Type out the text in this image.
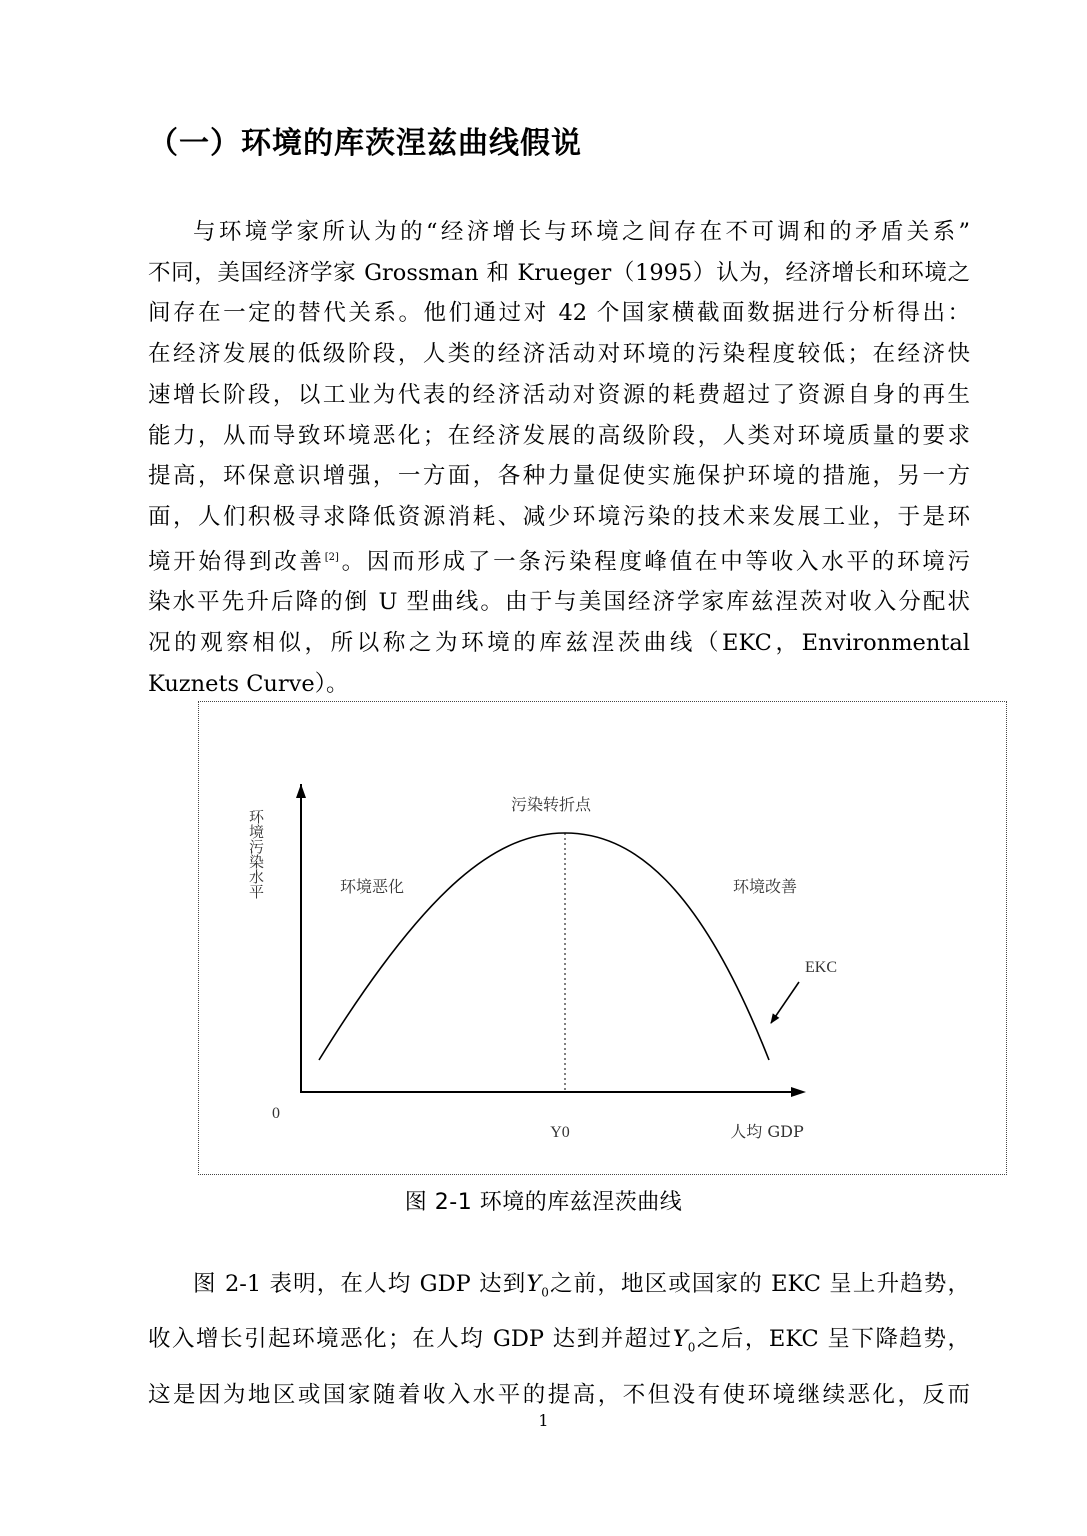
（一）环境的库茨涅兹曲线假说
与环境学家所认为的“经济增长与环境之间存在不可调和的矛盾关系”
不同，美国经济学家 Grossman 和 Krueger（1995）认为，经济增长和环境之
间存在一定的替代关系。他们通过对 42 个国家横截面数据进行分析得出：
在经济发展的低级阶段，人类的经济活动对环境的污染程度较低；在经济快
速增长阶段，以工业为代表的经济活动对资源的耗费超过了资源自身的再生
能力，从而导致环境恶化；在经济发展的高级阶段，人类对环境质量的要求
提高，环保意识增强，一方面，各种力量促使实施保护环境的措施，另一方
面，人们积极寻求降低资源消耗、减少环境污染的技术来发展工业，于是环
境开始得到改善[2]。因而形成了一条污染程度峰值在中等收入水平的环境污
染水平先升后降的倒 U 型曲线。由于与美国经济学家库兹涅茨对收入分配状
况的观察相似，所以称之为环境的库兹涅茨曲线（EKC，Environmental
Kuznets Curve）。
环境污染水平
污染转折点
环境恶化	环境改善
EKC
0
Y0	人均 GDP

图 2-1 环境的库兹涅茨曲线

图 2-1 表明，在人均 GDP 达到$Y_0$之前，地区或国家的 EKC 呈上升趋势，
收入增长引起环境恶化；在人均 GDP 达到并超过$Y_0$之后，EKC 呈下降趋势，
这是因为地区或国家随着收入水平的提高，不但没有使环境继续恶化，反而
1
